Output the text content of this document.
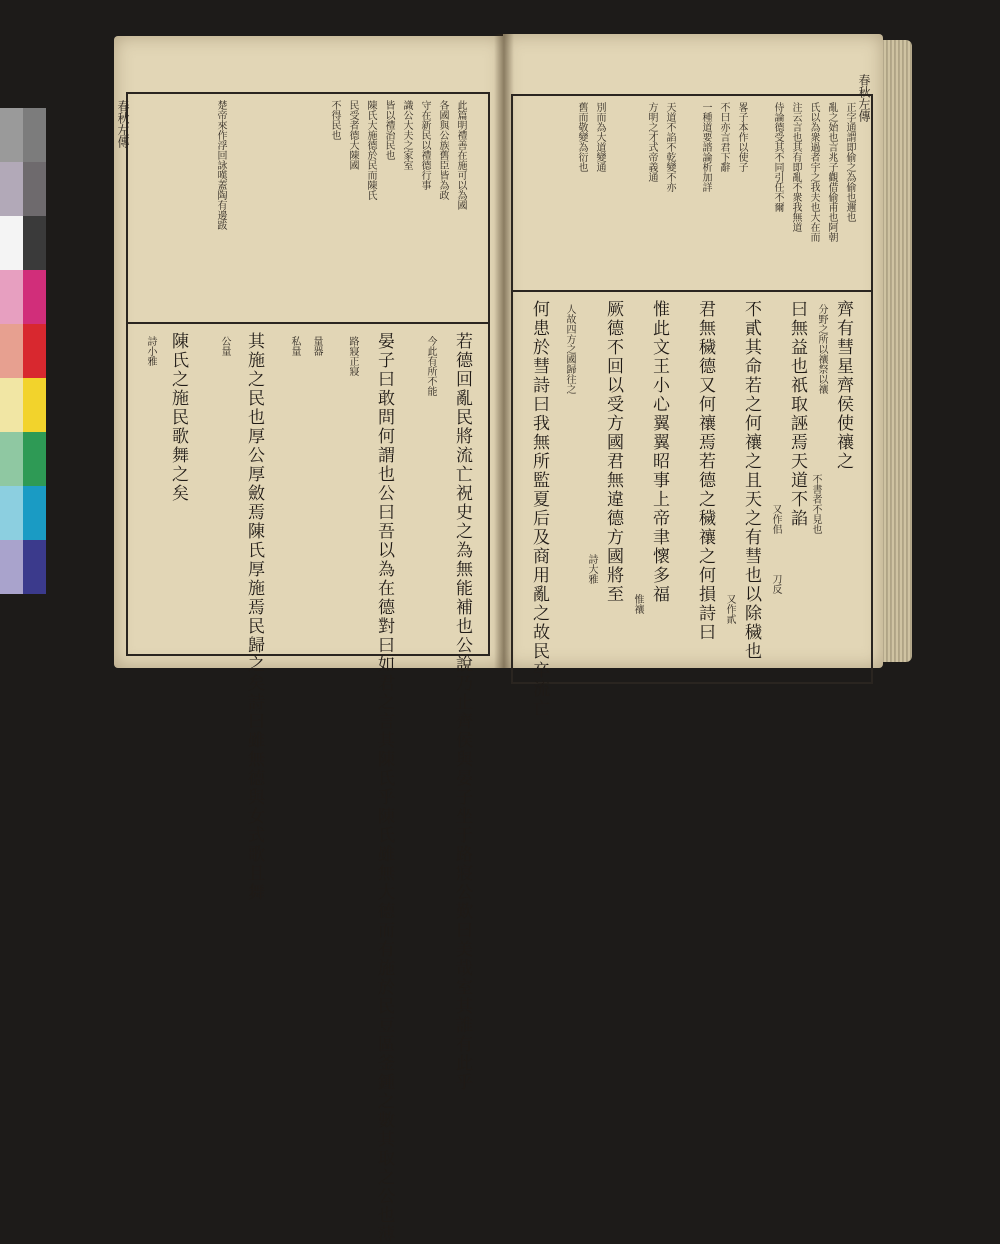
春秋左傳	此篇明禮善在施可以為國
各國與公族舊臣皆為政
守在新民以禮德行事
識公大夫之家室
皆以禮治民也
陳氏大施德於民而陳氏
民受者德大陳國
不得民也
楚帝來作浮回詠嘆蓋陶有邊跋
若德回亂民將流亡祝史之為無能補也公說乃止齊侯與晏子坐于路寢公歎曰美哉室其誰有此乎
晏子曰敢問何謂也公曰吾以為在德對曰如君之言其陳氏乎陳氏雖無大德而有施於民豆區釜鍾之數其取之公也薄
其施之民也厚公厚斂焉陳氏厚施焉民歸之矣詩曰雖無德與女式歌且舞
陳氏之施民歌舞之矣	今此有所不能
路寢正寢
量器
私量
公量
詩小雅
春秋左傳
正字通謂即偷之為偷也邇也
亂之始也言兆子觀借偷甫也阿朝
氏以為衆過者宇之我夫也大在而
注云言也其有即亂不衆我無道
侍論德受其不同引任不爾
畧子本作以使子
不曰亦言君下辭
一種道要諮論析加詳
天道不諂不乾變不亦
方明之才式帝義通
別而為大道變通
舊而敬變為衍也
齊有彗星齊侯使禳之
曰無益也祇取誣焉天道不諂
不貳其命若之何禳之且天之有彗也以除穢也
君無穢德又何禳焉若德之穢禳之何損詩曰
惟此文王小心翼翼昭事上帝聿懷多福
厥德不回以受方國君無違德方國將至
何患於彗詩曰我無所監夏后及商用亂之故民卒流亡	分野之所以禳祭以禳
不書者不見也
又作佀
刀反
又作貳
惟禳
詩大雅
人故四方之國歸往之
